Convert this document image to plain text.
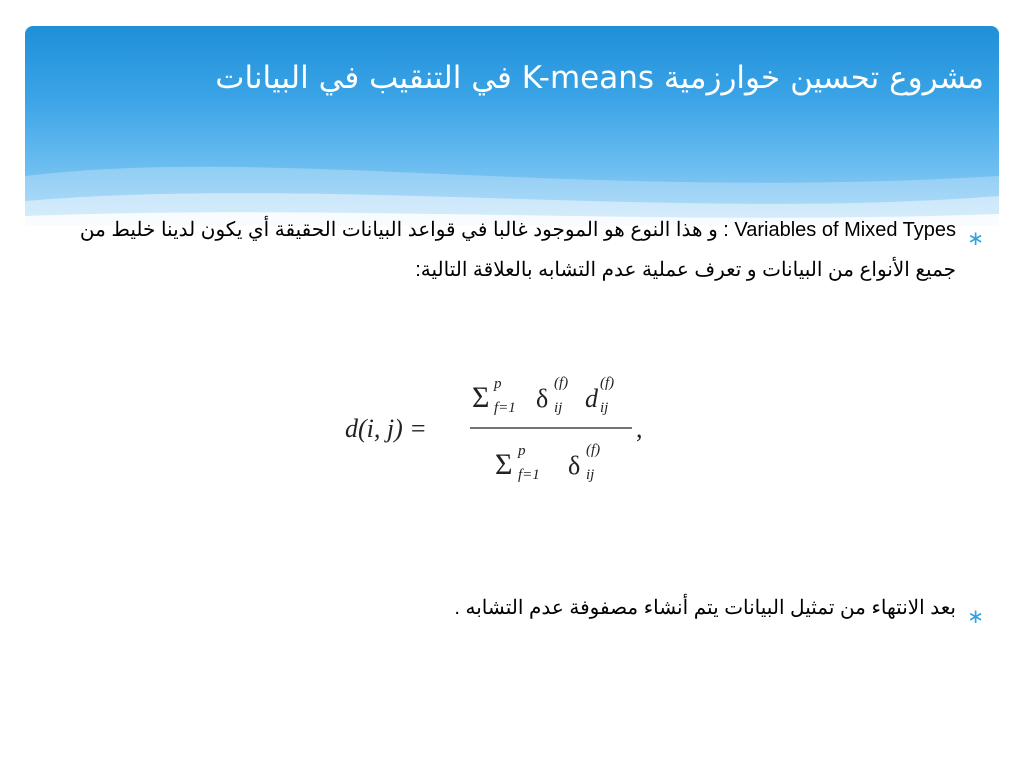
مشروع تحسين خوارزمية K-means في التنقيب في البيانات
∗
Variables of Mixed Types : و هذا النوع هو الموجود غالبا في قواعد البيانات الحقيقة أي يكون لدينا خليط من جميع الأنواع من البيانات و تعرف عملية عدم التشابه بالعلاقة التالية:
d(i, j) =
Σ p
f=1 δ
(f)
ij d
(f)
ij
Σ p
f=1 δ
(f)
ij
,
∗
بعد الانتهاء من تمثيل البيانات يتم أنشاء مصفوفة عدم التشابه .
